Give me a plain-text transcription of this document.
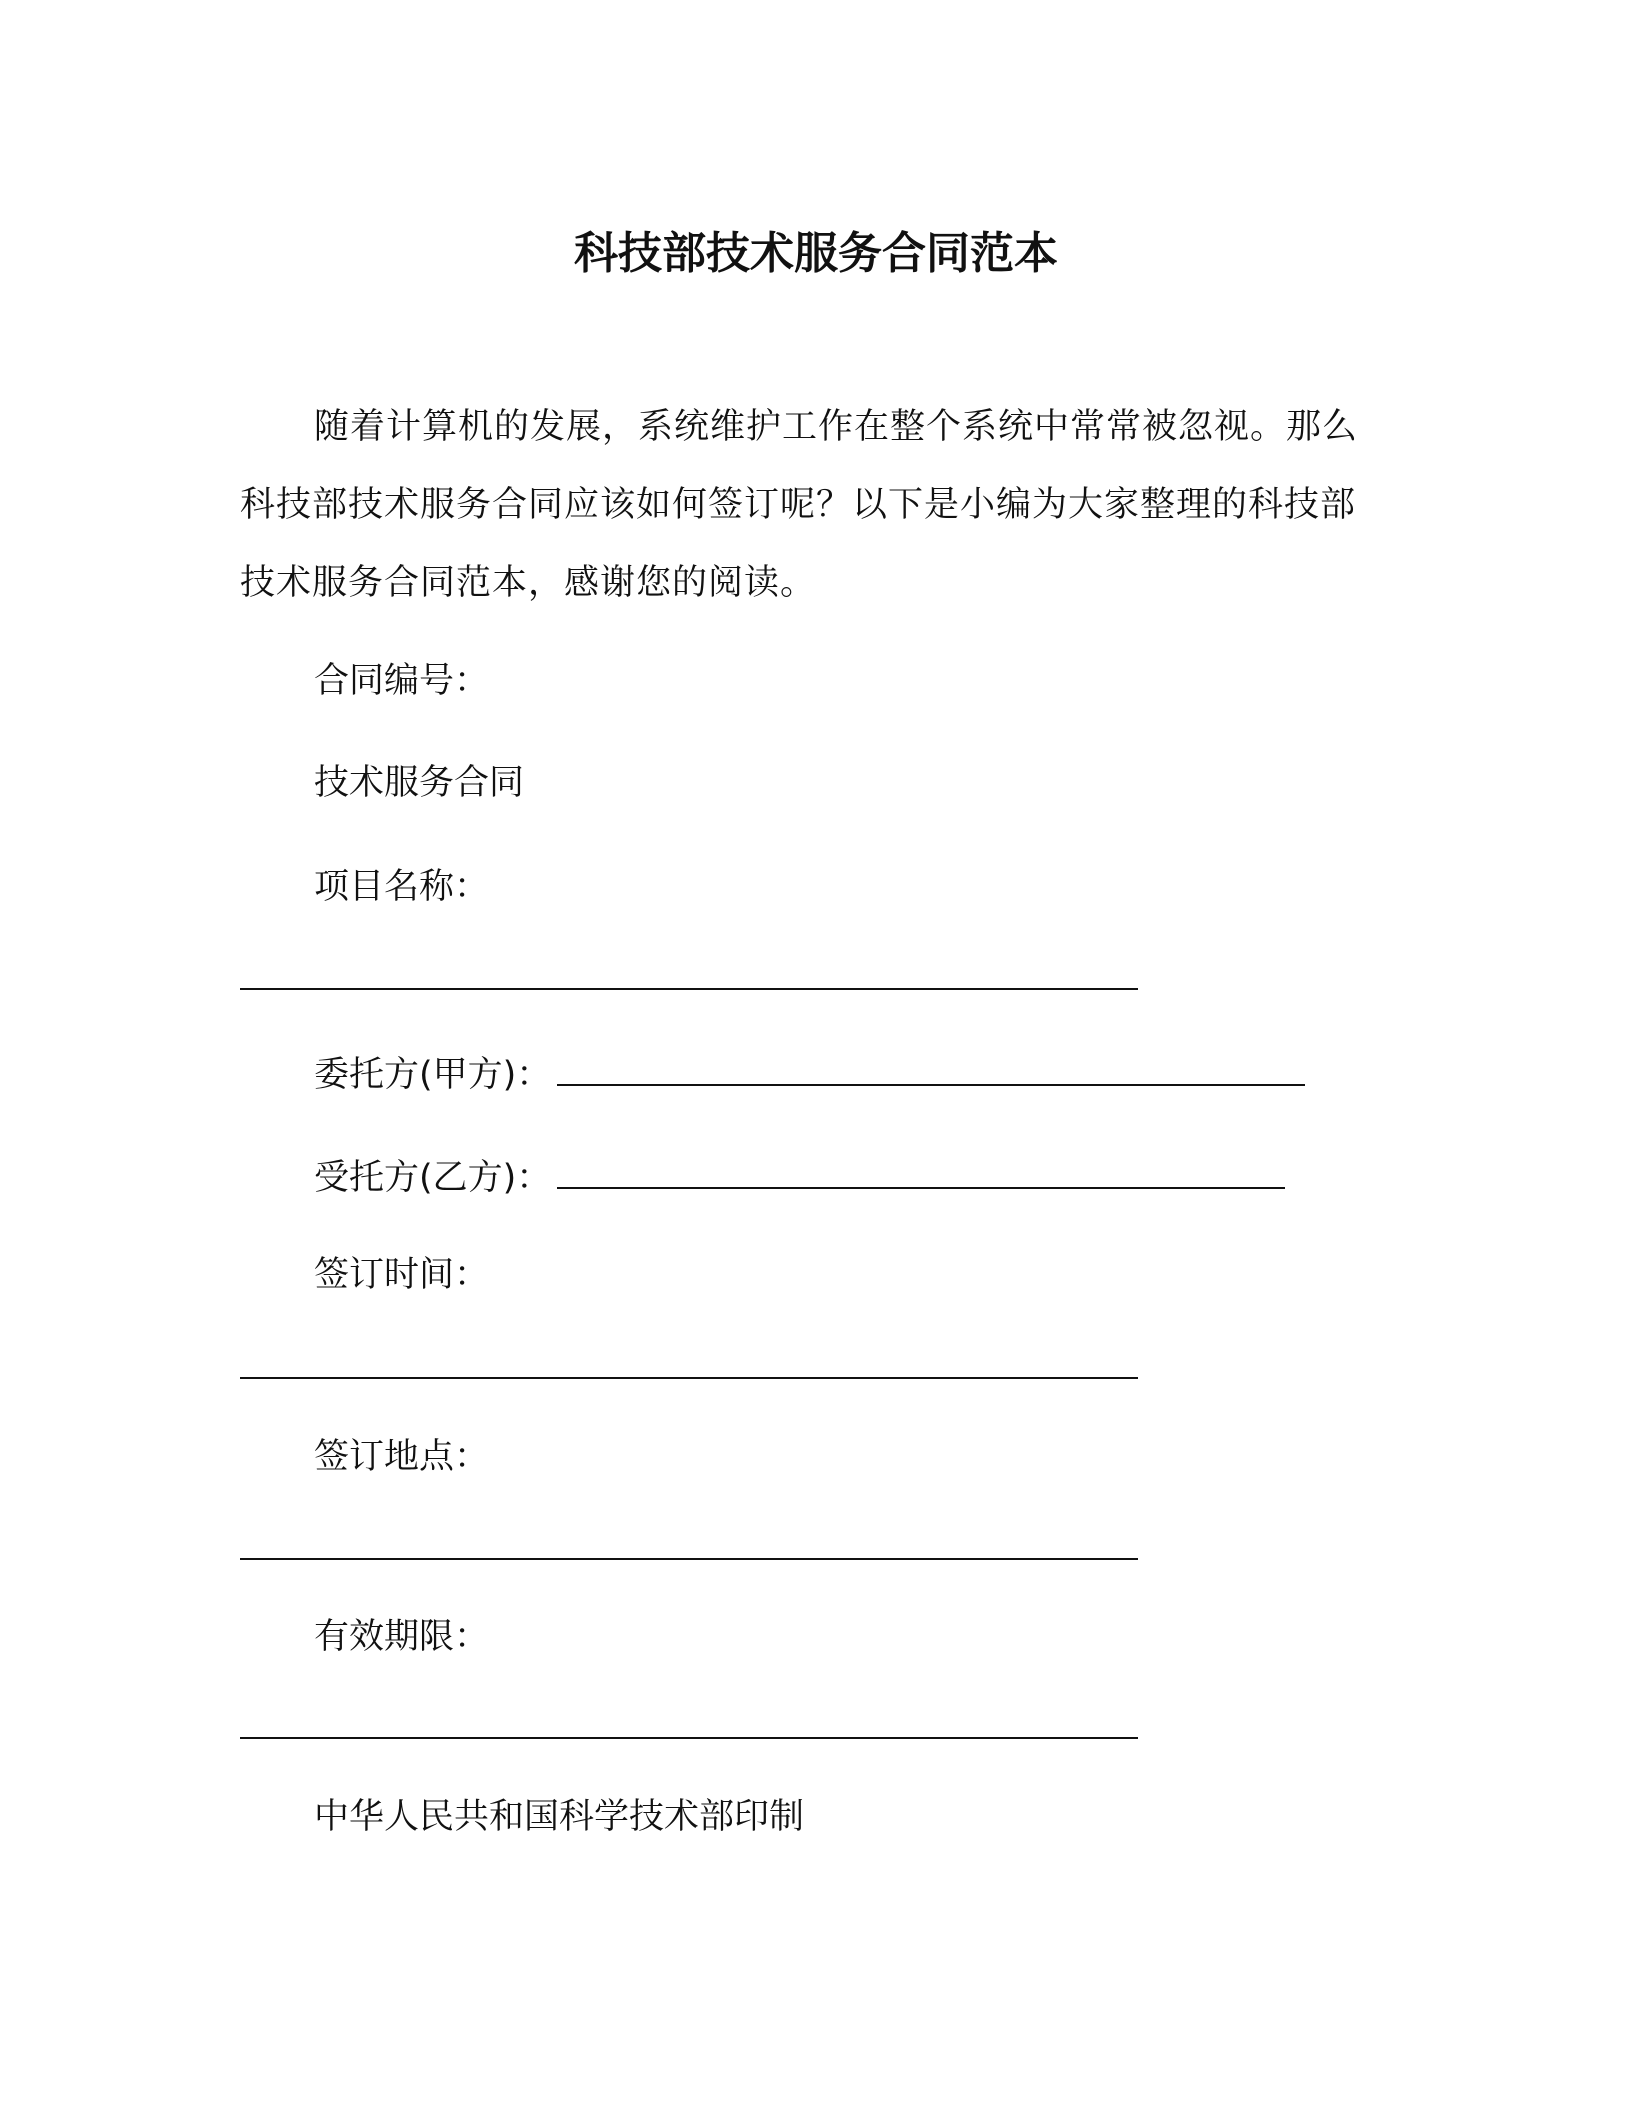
科技部技术服务合同范本
随着计算机的发展，系统维护工作在整个系统中常常被忽视。那么科技部技术服务合同应该如何签订呢？以下是小编为大家整理的科技部技术服务合同范本，感谢您的阅读。
合同编号：
技术服务合同
项目名称：
委托方(甲方)：
受托方(乙方)：
签订时间：
签订地点：
有效期限：
中华人民共和国科学技术部印制
